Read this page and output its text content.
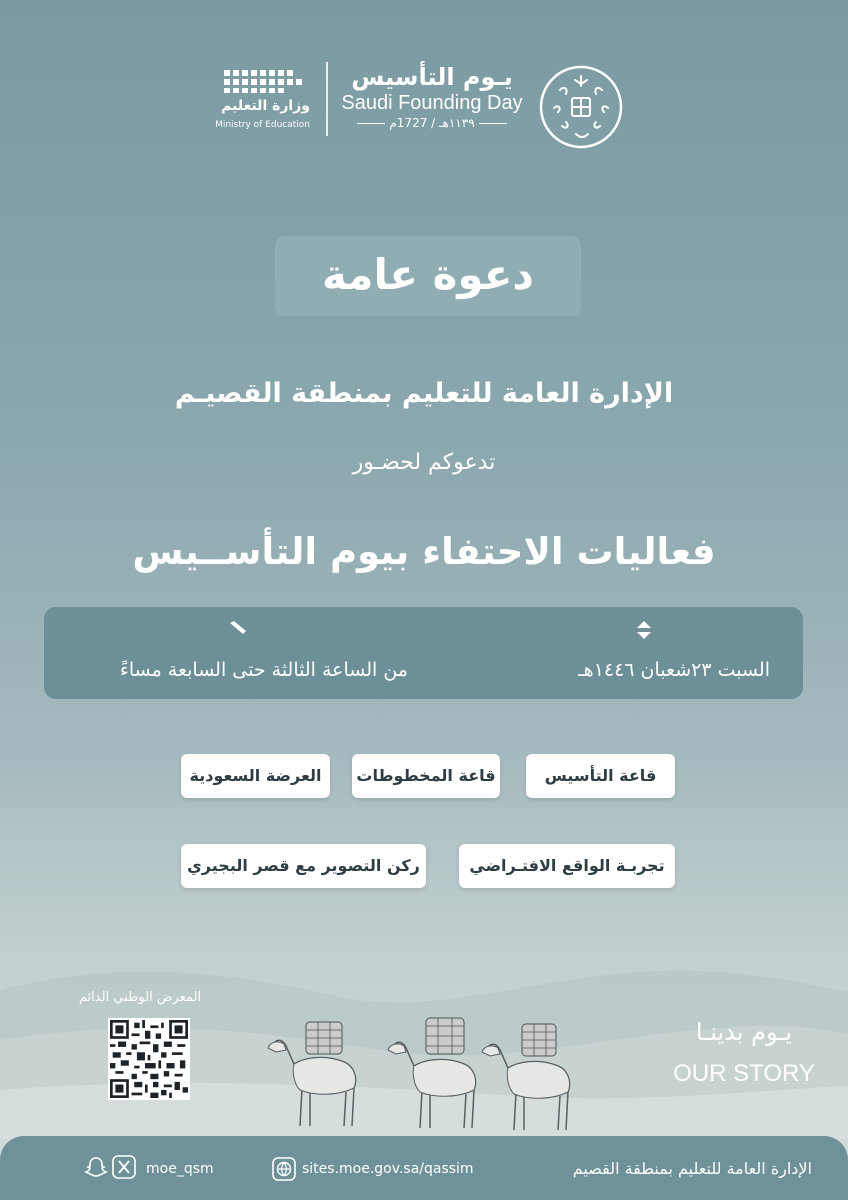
وزارة التعليم
Ministry of Education
يـوم التأسيس
Saudi Founding Day
١١٣٩هـ / 1727م
دعوة عامة
الإدارة العامة للتعليم بمنطقة القصيـم
تدعوكم لحضـور
فعاليات الاحتفاء بيوم التأســيس
السبت ٢٣شعبان ١٤٤٦هـ
من الساعة الثالثة حتى السابعة مساءً
قاعة التأسيس
قاعة المخطوطات
العرضة السعودية
تجربـة الواقع الافتـراضي
ركن التصوير مع قصر البجيري
المعرض الوطني الدائم
يـوم بدينـا
OUR STORY
moe_qsm	sites.moe.gov.sa/qassim	الإدارة العامة للتعليم بمنطقة القصيم
